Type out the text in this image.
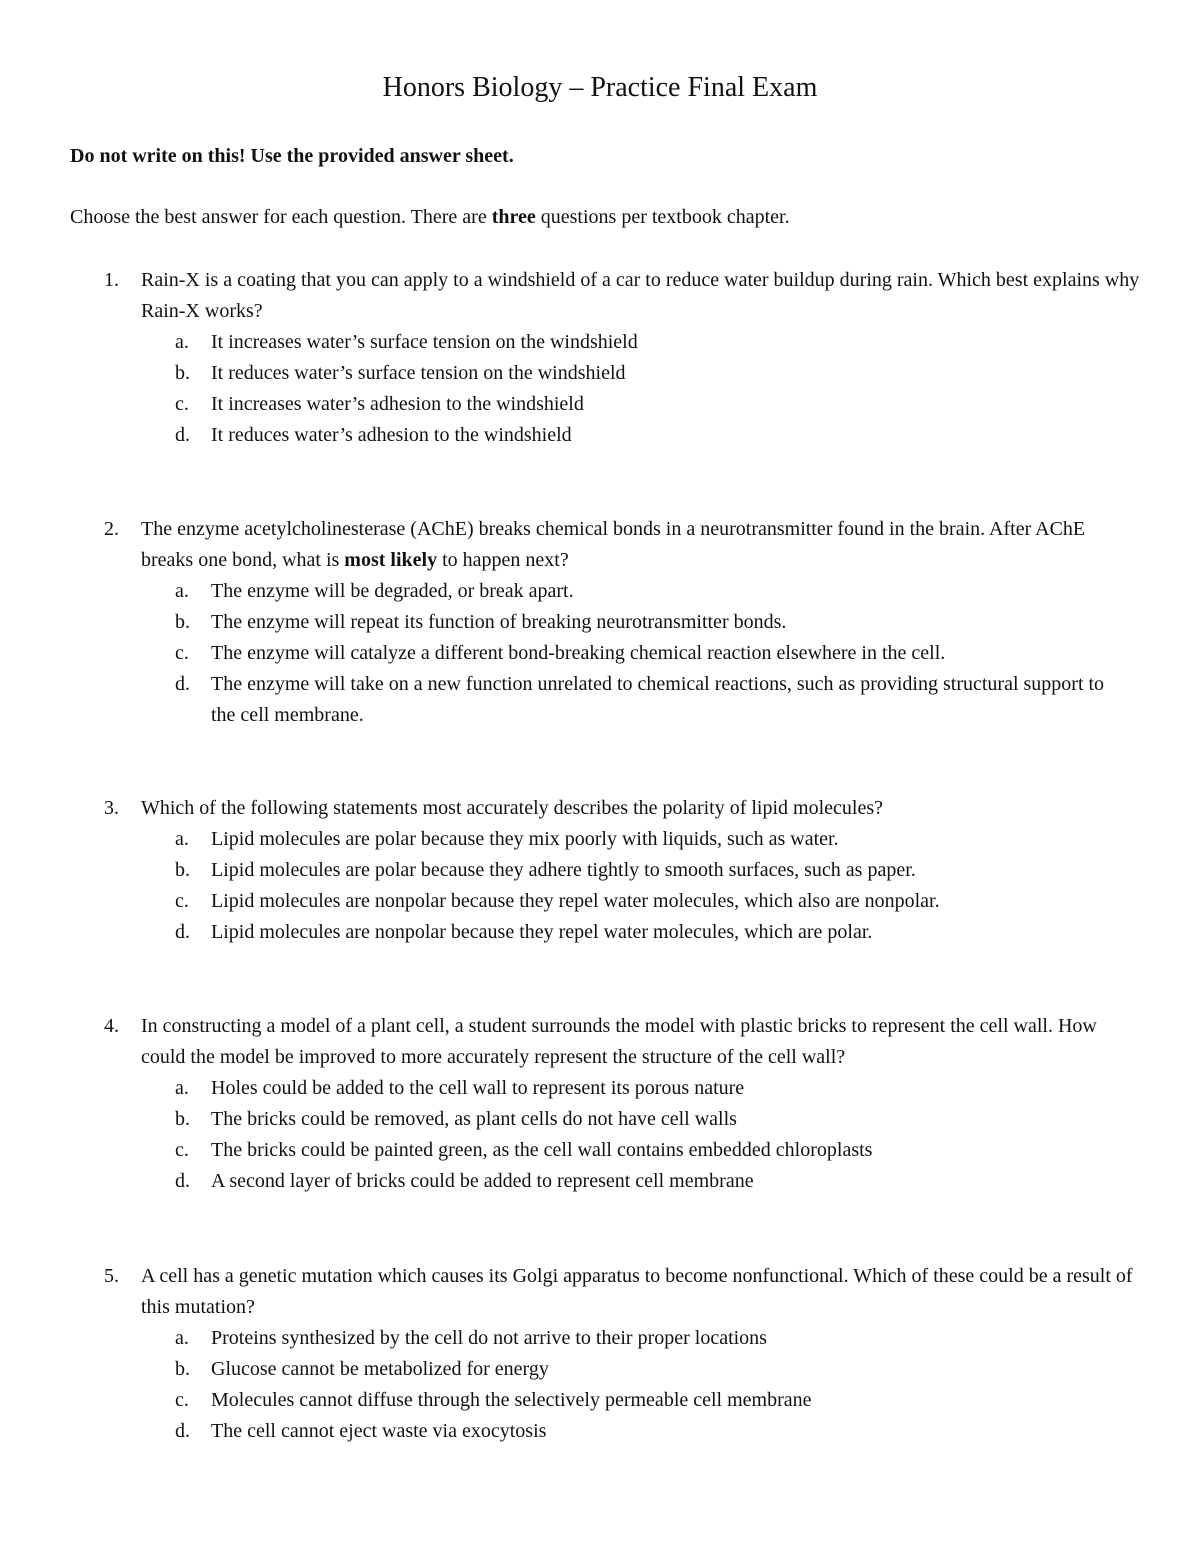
Honors Biology – Practice Final Exam
Do not write on this! Use the provided answer sheet.
Choose the best answer for each question. There are three questions per textbook chapter.
1. Rain-X is a coating that you can apply to a windshield of a car to reduce water buildup during rain. Which best explains why Rain-X works?
a. It increases water’s surface tension on the windshield
b. It reduces water’s surface tension on the windshield
c. It increases water’s adhesion to the windshield
d. It reduces water’s adhesion to the windshield
2. The enzyme acetylcholinesterase (AChE) breaks chemical bonds in a neurotransmitter found in the brain. After AChE breaks one bond, what is most likely to happen next?
a. The enzyme will be degraded, or break apart.
b. The enzyme will repeat its function of breaking neurotransmitter bonds.
c. The enzyme will catalyze a different bond-breaking chemical reaction elsewhere in the cell.
d. The enzyme will take on a new function unrelated to chemical reactions, such as providing structural support to the cell membrane.
3. Which of the following statements most accurately describes the polarity of lipid molecules?
a. Lipid molecules are polar because they mix poorly with liquids, such as water.
b. Lipid molecules are polar because they adhere tightly to smooth surfaces, such as paper.
c. Lipid molecules are nonpolar because they repel water molecules, which also are nonpolar.
d. Lipid molecules are nonpolar because they repel water molecules, which are polar.
4. In constructing a model of a plant cell, a student surrounds the model with plastic bricks to represent the cell wall. How could the model be improved to more accurately represent the structure of the cell wall?
a. Holes could be added to the cell wall to represent its porous nature
b. The bricks could be removed, as plant cells do not have cell walls
c. The bricks could be painted green, as the cell wall contains embedded chloroplasts
d. A second layer of bricks could be added to represent cell membrane
5. A cell has a genetic mutation which causes its Golgi apparatus to become nonfunctional. Which of these could be a result of this mutation?
a. Proteins synthesized by the cell do not arrive to their proper locations
b. Glucose cannot be metabolized for energy
c. Molecules cannot diffuse through the selectively permeable cell membrane
d. The cell cannot eject waste via exocytosis
